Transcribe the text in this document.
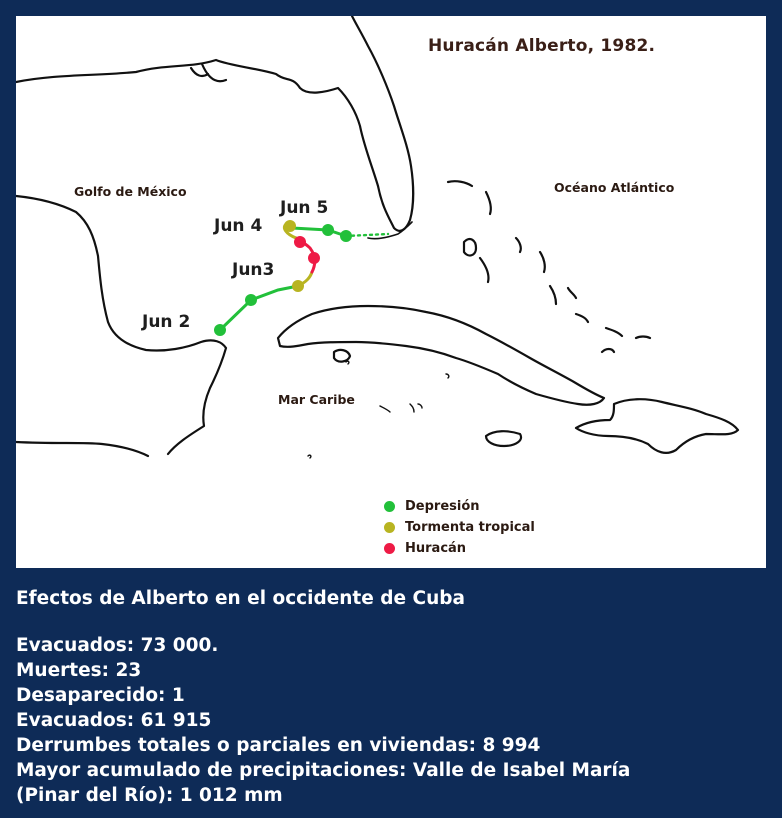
Huracán Alberto, 1982.
Golfo de México	Océano Atlántico
Mar Caribe
Jun 2
Jun3
Jun 4
Jun 5
Depresión
Tormenta tropical
Huracán
Efectos de Alberto en el occidente de Cuba
Evacuados: 73 000.
Muertes: 23
Desaparecido: 1
Evacuados: 61 915
Derrumbes totales o parciales en viviendas: 8 994
Mayor acumulado de precipitaciones: Valle de Isabel María
(Pinar del Río): 1 012 mm
